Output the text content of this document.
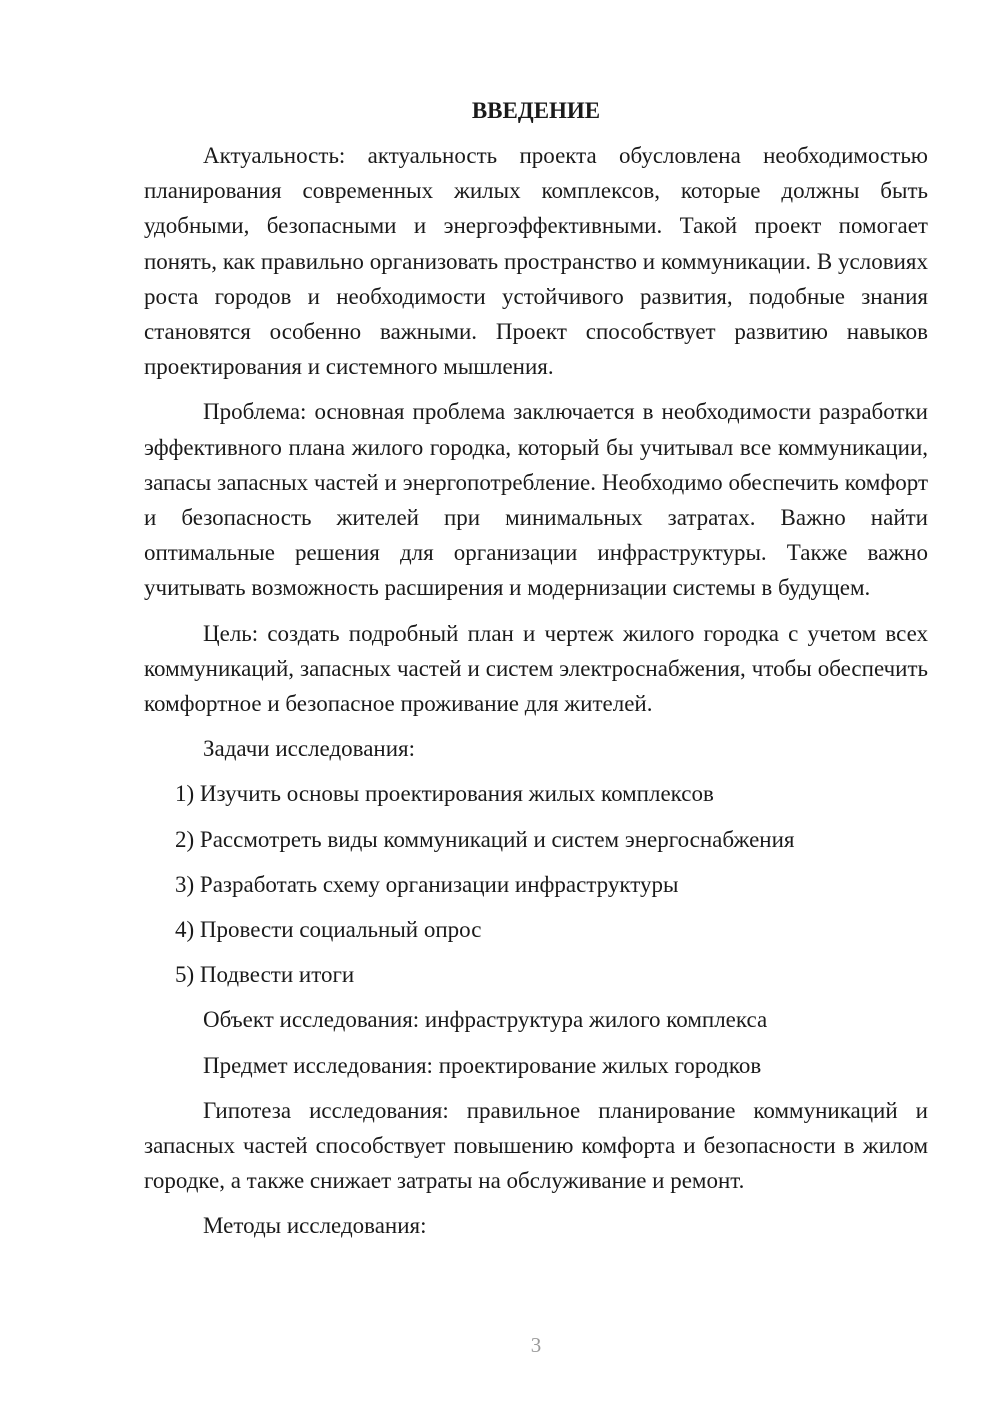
ВВЕДЕНИЕ

Актуальность: актуальность проекта обусловлена необходимостью планирования современных жилых комплексов, которые должны быть удобными, безопасными и энергоэффективными. Такой проект помогает понять, как правильно организовать пространство и коммуникации. В условиях роста городов и необходимости устойчивого развития, подобные знания становятся особенно важными. Проект способствует развитию навыков проектирования и системного мышления.

Проблема: основная проблема заключается в необходимости разработки эффективного плана жилого городка, который бы учитывал все коммуникации, запасы запасных частей и энергопотребление. Необходимо обеспечить комфорт и безопасность жителей при минимальных затратах. Важно найти оптимальные решения для организации инфраструктуры. Также важно учитывать возможность расширения и модернизации системы в будущем.

Цель: создать подробный план и чертеж жилого городка с учетом всех коммуникаций, запасных частей и систем электроснабжения, чтобы обеспечить комфортное и безопасное проживание для жителей.

Задачи исследования:

1) Изучить основы проектирования жилых комплексов

2) Рассмотреть виды коммуникаций и систем энергоснабжения

3) Разработать схему организации инфраструктуры

4) Провести социальный опрос

5) Подвести итоги

Объект исследования: инфраструктура жилого комплекса

Предмет исследования: проектирование жилых городков

Гипотеза исследования: правильное планирование коммуникаций и запасных частей способствует повышению комфорта и безопасности в жилом городке, а также снижает затраты на обслуживание и ремонт.

Методы исследования:

3
